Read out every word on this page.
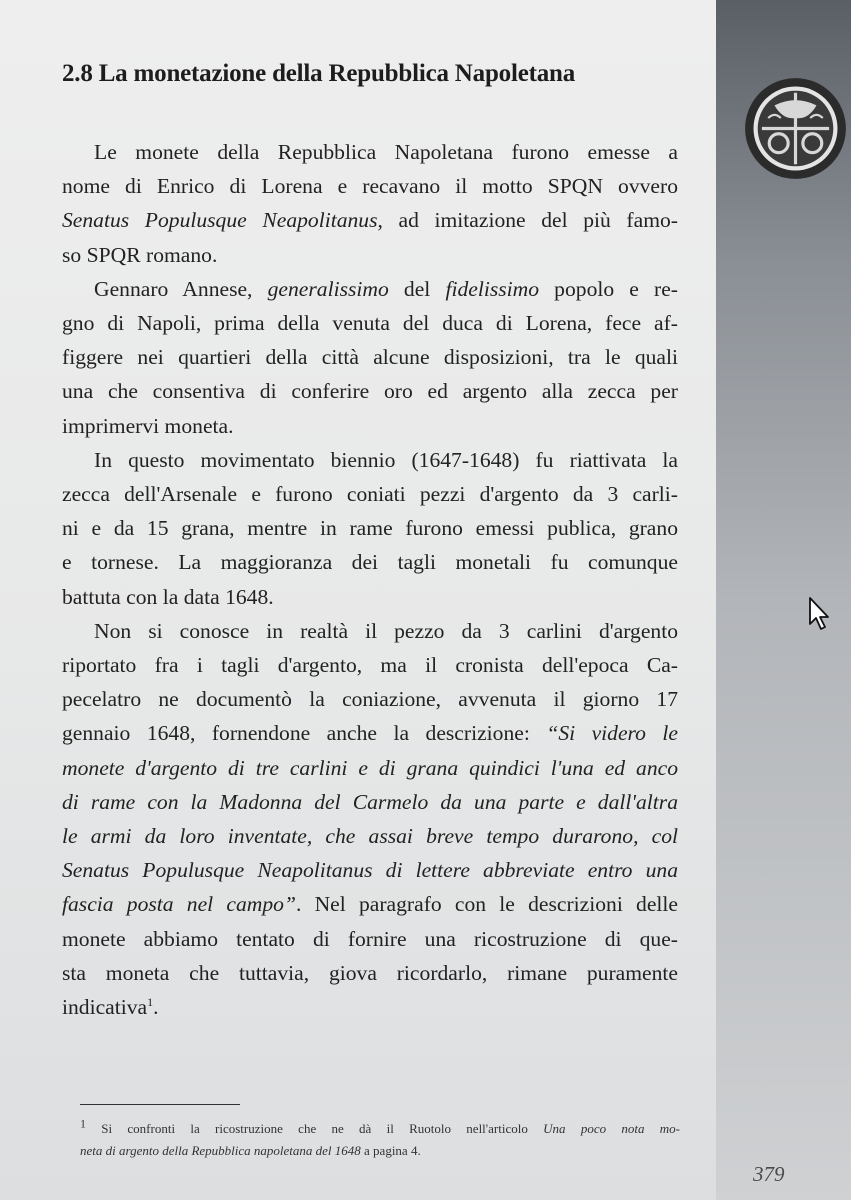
2.8 La monetazione della Repubblica Napoletana
Le monete della Repubblica Napoletana furono emesse a
nome di Enrico di Lorena e recavano il motto SPQN ovvero
Senatus Populusque Neapolitanus, ad imitazione del più famo-
so SPQR romano.
Gennaro Annese, generalissimo del fidelissimo popolo e re-
gno di Napoli, prima della venuta del duca di Lorena, fece af-
figgere nei quartieri della città alcune disposizioni, tra le quali
una che consentiva di conferire oro ed argento alla zecca per
imprimervi moneta.
In questo movimentato biennio (1647-1648) fu riattivata la
zecca dell'Arsenale e furono coniati pezzi d'argento da 3 carli-
ni e da 15 grana, mentre in rame furono emessi publica, grano
e tornese. La maggioranza dei tagli monetali fu comunque
battuta con la data 1648.
Non si conosce in realtà il pezzo da 3 carlini d'argento
riportato fra i tagli d'argento, ma il cronista dell'epoca Ca-
pecelatro ne documentò la coniazione, avvenuta il giorno 17
gennaio 1648, fornendone anche la descrizione: “Si videro le
monete d'argento di tre carlini e di grana quindici l'una ed anco
di rame con la Madonna del Carmelo da una parte e dall'altra
le armi da loro inventate, che assai breve tempo durarono, col
Senatus Populusque Neapolitanus di lettere abbreviate entro una
fascia posta nel campo”. Nel paragrafo con le descrizioni delle
monete abbiamo tentato di fornire una ricostruzione di que-
sta moneta che tuttavia, giova ricordarlo, rimane puramente
indicativa$^1$.
$^1$ Si confronti la ricostruzione che ne dà il Ruotolo nell'articolo Una poco nota mo-
neta di argento della Repubblica napoletana del 1648 a pagina 4.
379
